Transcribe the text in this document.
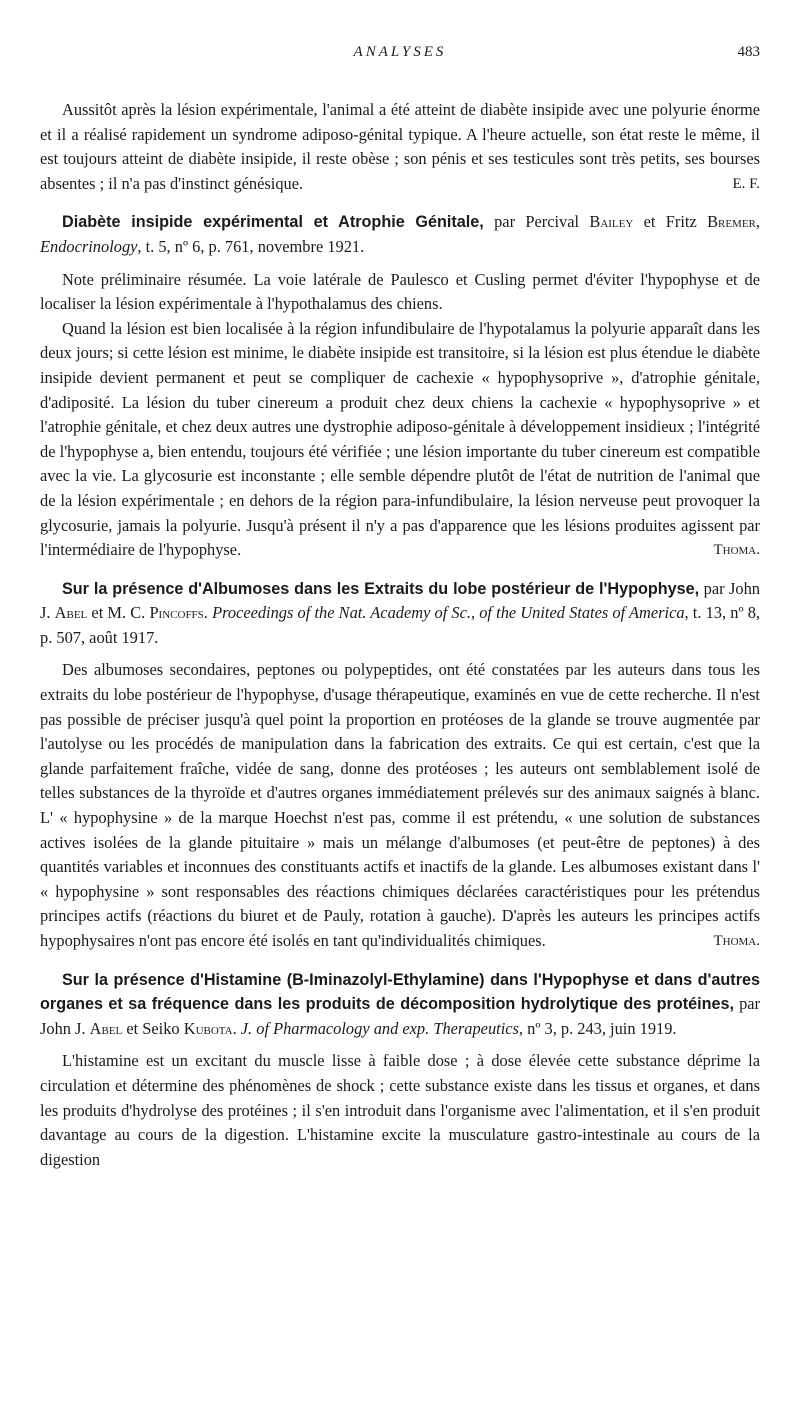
ANALYSES	483

Aussitôt après la lésion expérimentale, l'animal a été atteint de diabète insipide avec une polyurie énorme et il a réalisé rapidement un syndrome adiposo-génital typique. A l'heure actuelle, son état reste le même, il est toujours atteint de diabète insipide, il reste obèse ; son pénis et ses testicules sont très petits, ses bourses absentes ; il n'a pas d'instinct génésique.	E. F.

Diabète insipide expérimental et Atrophie Génitale, par Percival Bailey et Fritz Bremer, Endocrinology, t. 5, nº 6, p. 761, novembre 1921.

Note préliminaire résumée. La voie latérale de Paulesco et Cusling permet d'éviter l'hypophyse et de localiser la lésion expérimentale à l'hypothalamus des chiens.

Quand la lésion est bien localisée à la région infundibulaire de l'hypotalamus la polyurie apparaît dans les deux jours; si cette lésion est minime, le diabète insipide est transitoire, si la lésion est plus étendue le diabète insipide devient permanent et peut se compliquer de cachexie « hypophysoprive », d'atrophie génitale, d'adiposité. La lésion du tuber cinereum a produit chez deux chiens la cachexie « hypophysoprive » et l'atrophie génitale, et chez deux autres une dystrophie adiposo-génitale à développement insidieux ; l'intégrité de l'hypophyse a, bien entendu, toujours été vérifiée ; une lésion importante du tuber cinereum est compatible avec la vie. La glycosurie est inconstante ; elle semble dépendre plutôt de l'état de nutrition de l'animal que de la lésion expérimentale ; en dehors de la région para-infundibulaire, la lésion nerveuse peut provoquer la glycosurie, jamais la polyurie. Jusqu'à présent il n'y a pas d'apparence que les lésions produites agissent par l'intermédiaire de l'hypophyse.	Thoma.

Sur la présence d'Albumoses dans les Extraits du lobe postérieur de l'Hypophyse, par John J. Abel et M. C. Pincoffs. Proceedings of the Nat. Academy of Sc., of the United States of America, t. 13, nº 8, p. 507, août 1917.

Des albumoses secondaires, peptones ou polypeptides, ont été constatées par les auteurs dans tous les extraits du lobe postérieur de l'hypophyse, d'usage thérapeutique, examinés en vue de cette recherche. Il n'est pas possible de préciser jusqu'à quel point la proportion en protéoses de la glande se trouve augmentée par l'autolyse ou les procédés de manipulation dans la fabrication des extraits. Ce qui est certain, c'est que la glande parfaitement fraîche, vidée de sang, donne des protéoses ; les auteurs ont semblablement isolé de telles substances de la thyroïde et d'autres organes immédiatement prélevés sur des animaux saignés à blanc. L' « hypophysine » de la marque Hoechst n'est pas, comme il est prétendu, « une solution de substances actives isolées de la glande pituitaire » mais un mélange d'albumoses (et peut-être de peptones) à des quantités variables et inconnues des constituants actifs et inactifs de la glande. Les albumoses existant dans l' « hypophysine » sont responsables des réactions chimiques déclarées caractéristiques pour les prétendus principes actifs (réactions du biuret et de Pauly, rotation à gauche). D'après les auteurs les principes actifs hypophysaires n'ont pas encore été isolés en tant qu'individualités chimiques.	Thoma.

Sur la présence d'Histamine (B-Iminazolyl-Ethylamine) dans l'Hypophyse et dans d'autres organes et sa fréquence dans les produits de décomposition hydrolytique des protéines, par John J. Abel et Seiko Kubota. J. of Pharmacology and exp. Therapeutics, nº 3, p. 243, juin 1919.

L'histamine est un excitant du muscle lisse à faible dose ; à dose élevée cette substance déprime la circulation et détermine des phénomènes de shock ; cette substance existe dans les tissus et organes, et dans les produits d'hydrolyse des protéines ; il s'en introduit dans l'organisme avec l'alimentation, et il s'en produit davantage au cours de la digestion. L'histamine excite la musculature gastro-intestinale au cours de la digestion
